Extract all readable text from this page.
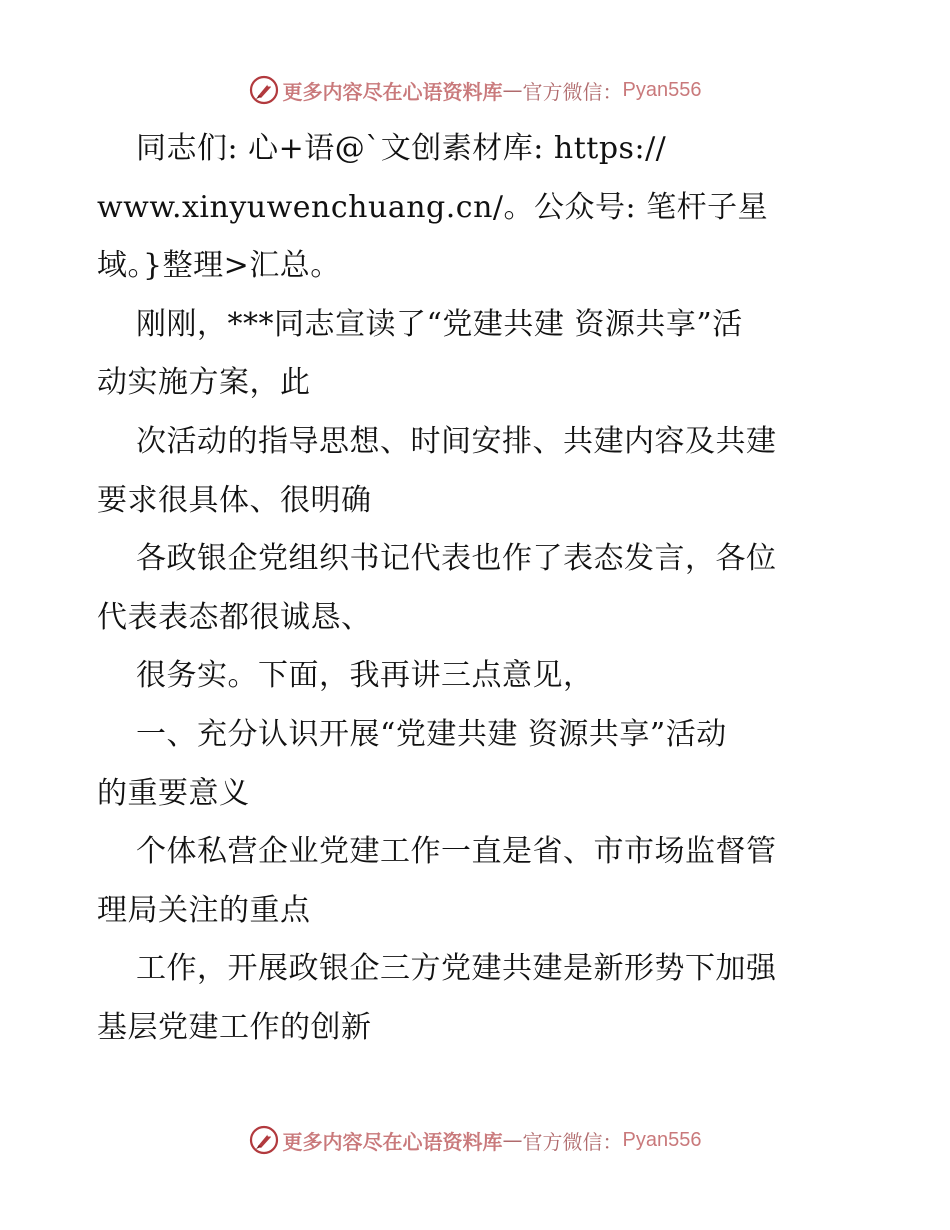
更多内容尽在心语资料库 — 官方微信： Pyan556
同志们: 心+语@`文创素材库: https://
www.xinyuwenchuang.cn/。公众号: 笔杆子星
域。}整理>汇总。
刚刚，***同志宣读了“党建共建 资源共享”活
动实施方案，此
次活动的指导思想、时间安排、共建内容及共建
要求很具体、很明确
各政银企党组织书记代表也作了表态发言，各位
代表表态都很诚恳、
很务实。下面，我再讲三点意见，
一、充分认识开展“党建共建 资源共享”活动
的重要意义
个体私营企业党建工作一直是省、市市场监督管
理局关注的重点
工作，开展政银企三方党建共建是新形势下加强
基层党建工作的创新
更多内容尽在心语资料库 — 官方微信： Pyan556
